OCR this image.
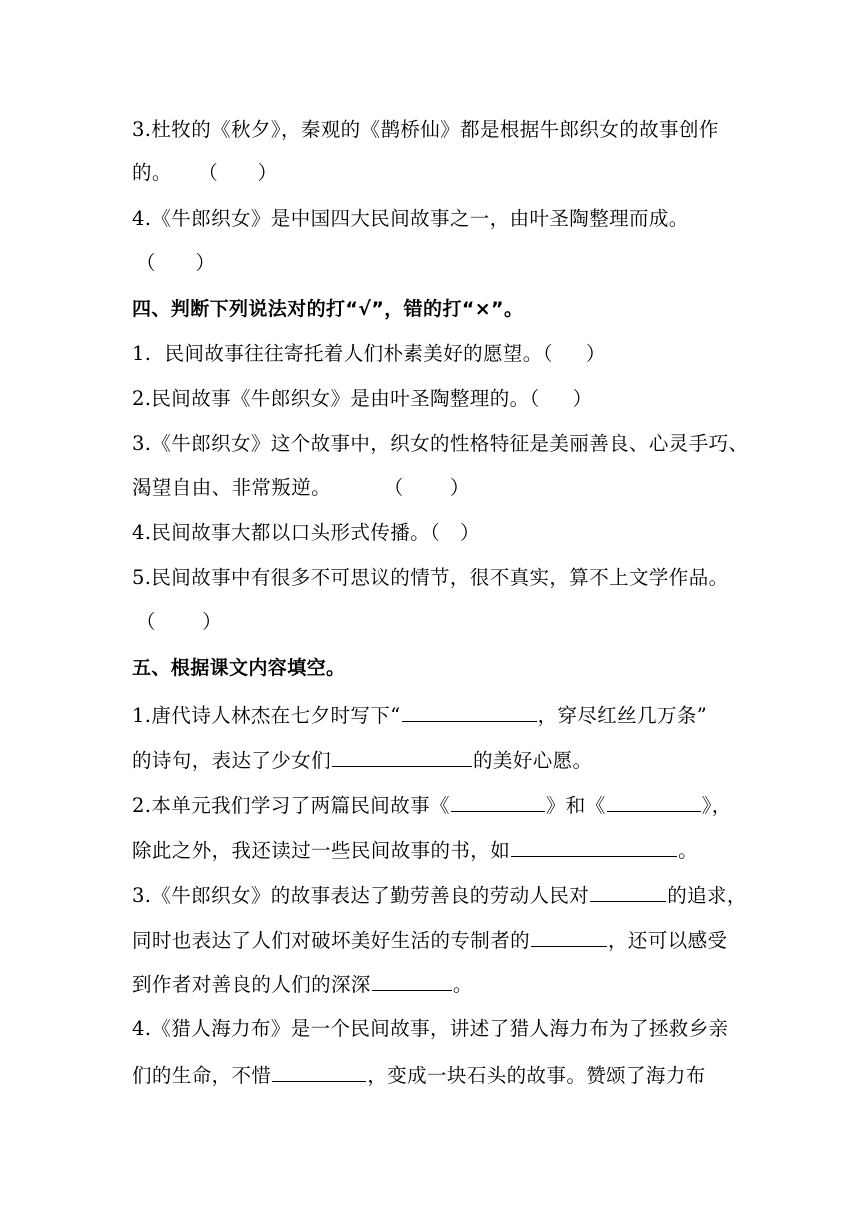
3.杜牧的《秋夕》，秦观的《鹊桥仙》都是根据牛郎织女的故事创作

的。    （      ）

4.《牛郎织女》是中国四大民间故事之一，由叶圣陶整理而成。

（      ）

四、判断下列说法对的打“√”，错的打“×”。

1.  民间故事往往寄托着人们朴素美好的愿望。（     ）

2.民间故事《牛郎织女》是由叶圣陶整理的。（     ）

3.《牛郎织女》这个故事中，织女的性格特征是美丽善良、心灵手巧、

渴望自由、非常叛逆。        （       ）

4.民间故事大都以口头形式传播。（   ）

5.民间故事中有很多不可思议的情节，很不真实，算不上文学作品。

（       ）

五、根据课文内容填空。

1.唐代诗人林杰在七夕时写下“	，穿尽红丝几万条”

的诗句，表达了少女们	的美好心愿。

2.本单元我们学习了两篇民间故事《	》和《	》，

除此之外，我还读过一些民间故事的书，如	。

3.《牛郎织女》的故事表达了勤劳善良的劳动人民对	的追求，

同时也表达了人们对破坏美好生活的专制者的	，还可以感受

到作者对善良的人们的深深	。

4.《猎人海力布》是一个民间故事，讲述了猎人海力布为了拯救乡亲

们的生命，不惜	，变成一块石头的故事。赞颂了海力布
